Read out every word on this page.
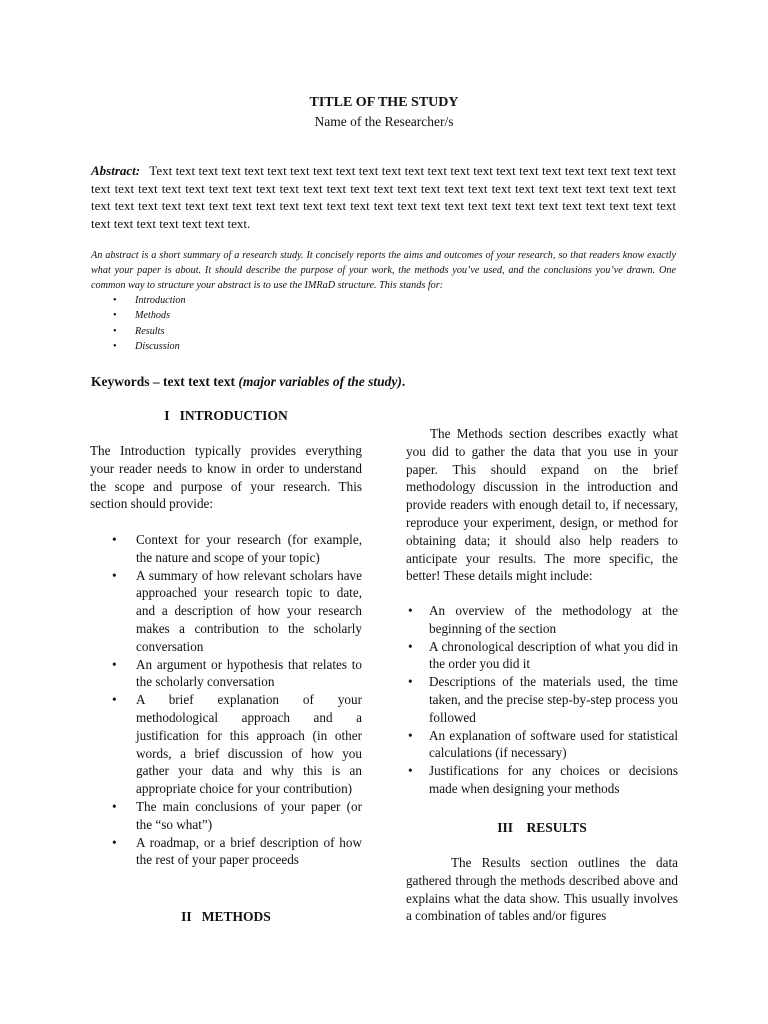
TITLE OF THE STUDY
Name of the Researcher/s

Abstract: Text text text text text text text text text text text text text text text text text text text text text text text text text text text text text text text text text text text text text text text text text text text text text text text text text text text text text text text text text text text text text text text text text text text text text text text text text text text text text text text text.

An abstract is a short summary of a research study. It concisely reports the aims and outcomes of your research, so that readers know exactly what your paper is about. It should describe the purpose of your work, the methods you’ve used, and the conclusions you’ve drawn. One common way to structure your abstract is to use the IMRaD structure. This stands for:

• Introduction
• Methods
• Results
• Discussion

Keywords – text text text (major variables of the study).

I   INTRODUCTION

The Introduction typically provides everything your reader needs to know in order to understand the scope and purpose of your research. This section should provide:

• Context for your research (for example, the nature and scope of your topic)
• A summary of how relevant scholars have approached your research topic to date, and a description of how your research makes a contribution to the scholarly conversation
• An argument or hypothesis that relates to the scholarly conversation
• A brief explanation of your methodological approach and a justification for this approach (in other words, a brief discussion of how you gather your data and why this is an appropriate choice for your contribution)
• The main conclusions of your paper (or the “so what”)
• A roadmap, or a brief description of how the rest of your paper proceeds
II   METHODS

The Methods section describes exactly what you did to gather the data that you use in your paper. This should expand on the brief methodology discussion in the introduction and provide readers with enough detail to, if necessary, reproduce your experiment, design, or method for obtaining data; it should also help readers to anticipate your results. The more specific, the better! These details might include:

• An overview of the methodology at the beginning of the section
• A chronological description of what you did in the order you did it
• Descriptions of the materials used, the time taken, and the precise step-by-step process you followed
• An explanation of software used for statistical calculations (if necessary)
• Justifications for any choices or decisions made when designing your methods
III    RESULTS

The Results section outlines the data gathered through the methods described above and explains what the data show. This usually involves a combination of tables and/or figures
